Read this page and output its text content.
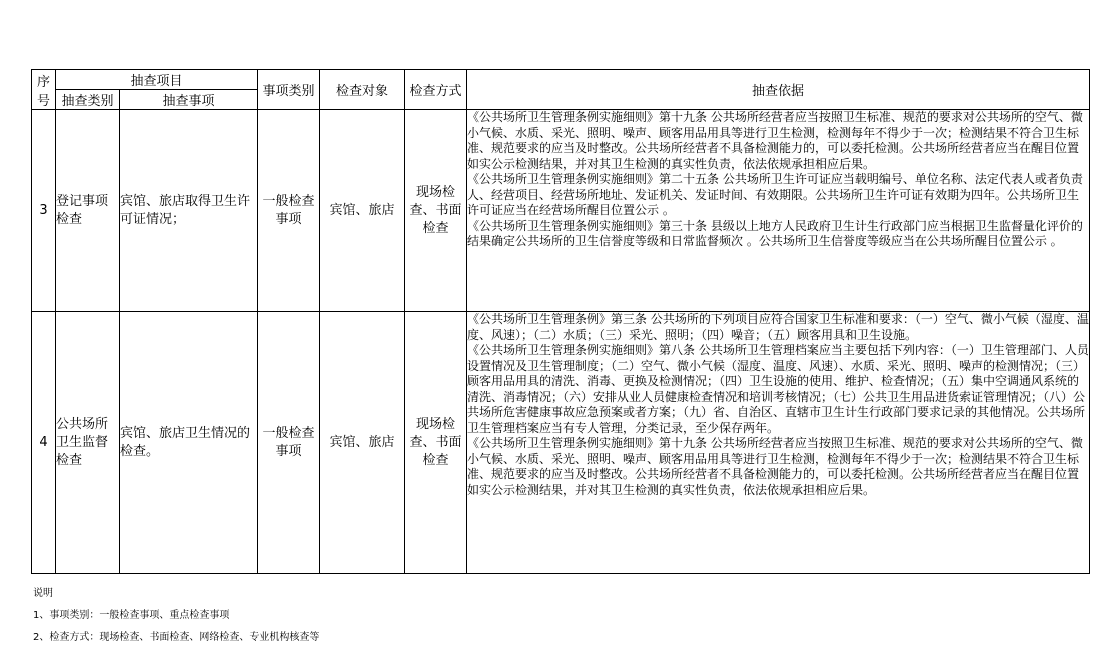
序号	抽查项目		事项类别	检查对象	检查方式	抽查依据
	抽查类别	抽查事项				
3	登记事项检查	宾馆、旅店取得卫生许可证情况；	一般检查事项	宾馆、旅店	现场检查、书面检查	《公共场所卫生管理条例实施细则》第十九条 公共场所经营者应当按照卫生标准、规范的要求对公共场所的空气、微小气候、水质、采光、照明、噪声、顾客用品用具等进行卫生检测，检测每年不得少于一次；检测结果不符合卫生标准、规范要求的应当及时整改。公共场所经营者不具备检测能力的，可以委托检测。公共场所经营者应当在醒目位置如实公示检测结果，并对其卫生检测的真实性负责，依法依规承担相应后果。

《公共场所卫生管理条例实施细则》第二十五条 公共场所卫生许可证应当载明编号、单位名称、法定代表人或者负责人、经营项目、经营场所地址、发证机关、发证时间、有效期限。公共场所卫生许可证有效期为四年。公共场所卫生许可证应当在经营场所醒目位置公示 。

《公共场所卫生管理条例实施细则》第三十条 县级以上地方人民政府卫生计生行政部门应当根据卫生监督量化评价的结果确定公共场所的卫生信誉度等级和日常监督频次 。公共场所卫生信誉度等级应当在公共场所醒目位置公示 。

4	公共场所卫生监督检查	宾馆、旅店卫生情况的检查。	一般检查事项	宾馆、旅店	现场检查、书面检查	《公共场所卫生管理条例》第三条 公共场所的下列项目应符合国家卫生标准和要求：（一）空气、微小气候（湿度、温度、风速）；（二）水质；（三）采光、照明；（四）噪音；（五）顾客用具和卫生设施。

《公共场所卫生管理条例实施细则》第八条 公共场所卫生管理档案应当主要包括下列内容：（一）卫生管理部门、人员设置情况及卫生管理制度；（二）空气、微小气候（湿度、温度、风速）、水质、采光、照明、噪声的检测情况；（三）顾客用品用具的清洗、消毒、更换及检测情况；（四）卫生设施的使用、维护、检查情况；（五）集中空调通风系统的清洗、消毒情况；（六）安排从业人员健康检查情况和培训考核情况；（七）公共卫生用品进货索证管理情况；（八）公共场所危害健康事故应急预案或者方案；（九）省、自治区、直辖市卫生计生行政部门要求记录的其他情况。公共场所卫生管理档案应当有专人管理，分类记录，至少保存两年。

《公共场所卫生管理条例实施细则》第十九条 公共场所经营者应当按照卫生标准、规范的要求对公共场所的空气、微小气候、水质、采光、照明、噪声、顾客用品用具等进行卫生检测，检测每年不得少于一次；检测结果不符合卫生标准、规范要求的应当及时整改。公共场所经营者不具备检测能力的，可以委托检测。公共场所经营者应当在醒目位置如实公示检测结果，并对其卫生检测的真实性负责，依法依规承担相应后果。

说明
1、事项类别：一般检查事项、重点检查事项
2、检查方式：现场检查、书面检查、网络检查、专业机构核查等
